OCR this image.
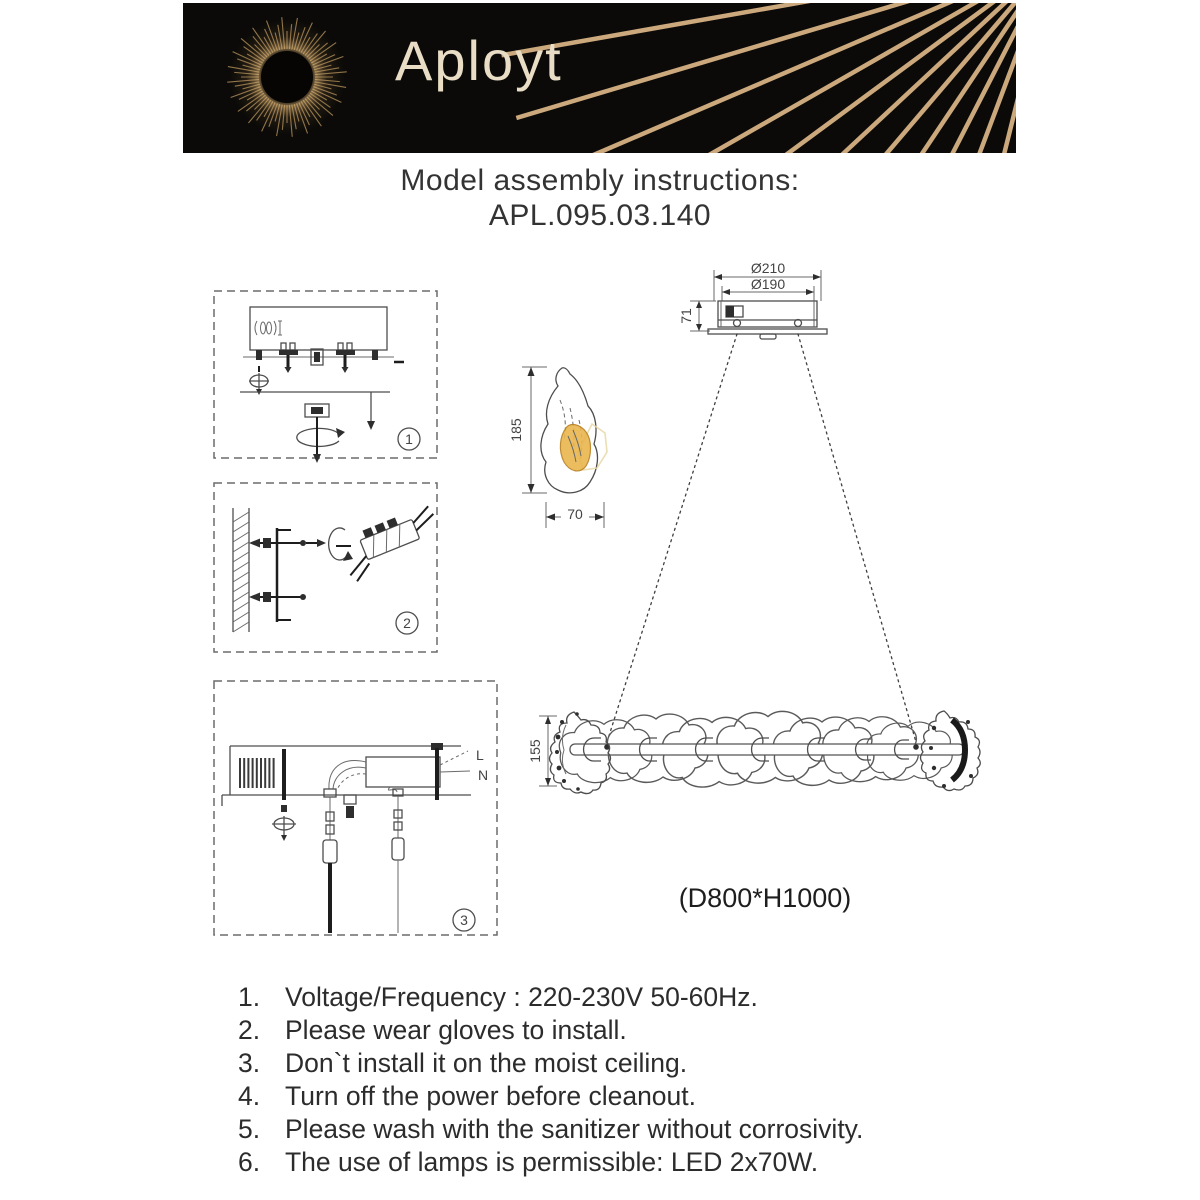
Aployt
Model assembly instructions:
APL.095.03.140
1
2
L
N
3
185
70
Ø210
Ø190
71
155
(D800*H1000)
1. Voltage/Frequency : 220-230V 50-60Hz.
2. Please wear gloves to install.
3. Don`t install it on the moist ceiling.
4. Turn off the power before cleanout.
5. Please wash with the sanitizer without corrosivity.
6. The use of lamps is permissible: LED 2x70W.
